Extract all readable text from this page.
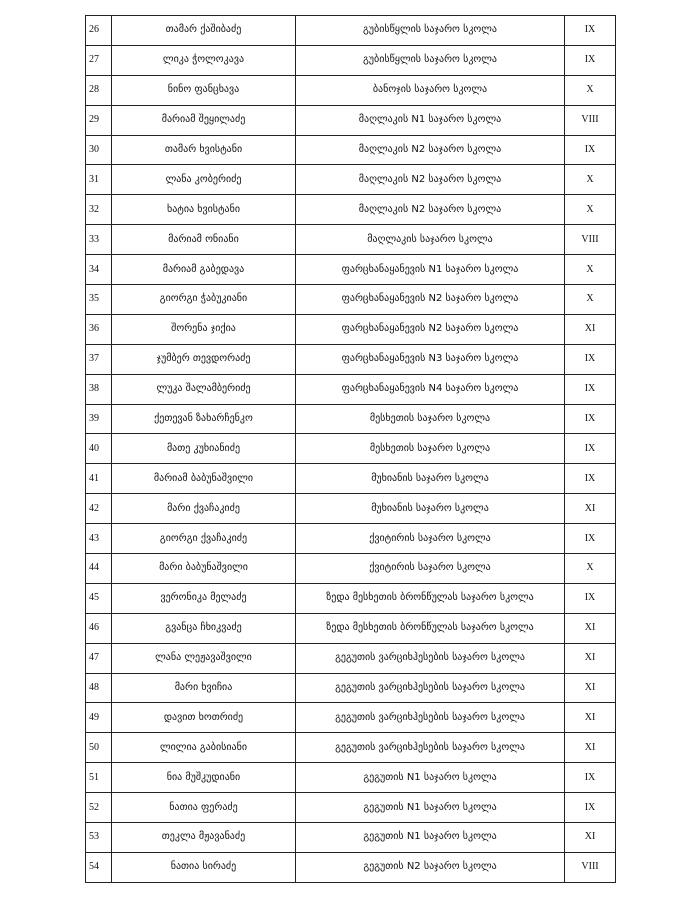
26	თამარ ქაშიბაძე	გუბისწყლის საჯარო სკოლა	IX
27	ლიკა ჭოლოკავა	გუბისწყლის საჯარო სკოლა	IX
28	ნინო ფანცხავა	ბანოჯის საჯარო სკოლა	X
29	მარიამ შეყილაძე	მაღლაკის N1 საჯარო სკოლა	VIII
30	თამარ ხვისტანი	მაღლაკის N2 საჯარო სკოლა	IX
31	ლანა კობერიძე	მაღლაკის N2 საჯარო სკოლა	X
32	ხატია ხვისტანი	მაღლაკის N2 საჯარო სკოლა	X
33	მარიამ ონიანი	მაღლაკის საჯარო სკოლა	VIII
34	მარიამ გაბედავა	ფარცხანაყანევის N1 საჯარო სკოლა	X
35	გიორგი ჭაბუკიანი	ფარცხანაყანევის N2 საჯარო სკოლა	X
36	შორენა ჯიქია	ფარცხანაყანევის N2 საჯარო სკოლა	XI
37	ჯუმბერ თევდორაძე	ფარცხანაყანევის N3 საჯარო სკოლა	IX
38	ლუკა შალამბერიძე	ფარცხანაყანევის N4 საჯარო სკოლა	IX
39	ქეთევან ზახარჩენკო	მესხეთის საჯარო სკოლა	IX
40	მათე კუხიანიძე	მესხეთის საჯარო სკოლა	IX
41	მარიამ ბაბუნაშვილი	მუხიანის საჯარო სკოლა	IX
42	მარი ქვაჩაკიძე	მუხიანის საჯარო სკოლა	XI
43	გიორგი ქვაჩაკიძე	ქვიტირის საჯარო სკოლა	IX
44	მარი ბაბუნაშვილი	ქვიტირის საჯარო სკოლა	X
45	ვერონიკა მელაძე	ზედა მესხეთის ბრონწულას საჯარო სკოლა	IX
46	გვანცა ჩხიკვაძე	ზედა მესხეთის ბრონწულას საჯარო სკოლა	XI
47	ლანა ლეჟავაშვილი	გეგუთის ვარციხჰესების საჯარო სკოლა	XI
48	მარი ხვიჩია	გეგუთის ვარციხჰესების საჯარო სკოლა	XI
49	დავით ხოთრიძე	გეგუთის ვარციხჰესების საჯარო სკოლა	XI
50	ლილია გაბისიანი	გეგუთის ვარციხჰესების საჯარო სკოლა	XI
51	ნია მუშკუდიანი	გეგუთის N1 საჯარო სკოლა	IX
52	ნათია ფერაძე	გეგუთის N1 საჯარო სკოლა	IX
53	თეკლა მჟავანაძე	გეგუთის N1 საჯარო სკოლა	XI
54	ნათია სირაძე	გეგუთის N2 საჯარო სკოლა	VIII
